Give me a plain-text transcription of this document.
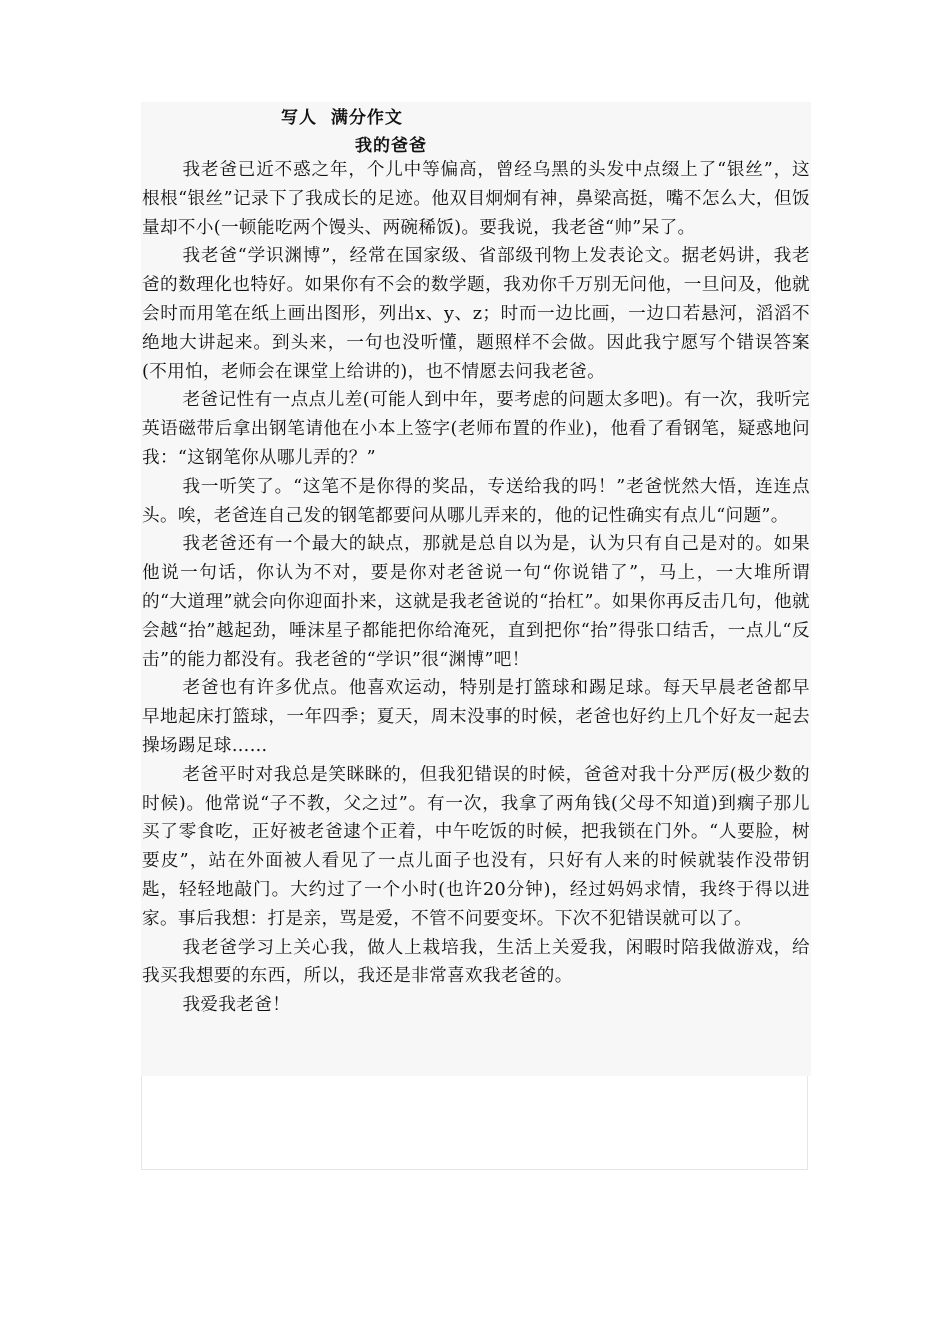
写人  满分作文
我的爸爸

我老爸已近不惑之年，个儿中等偏高，曾经乌黑的头发中点缀上了“银丝”，这根根“银丝”记录下了我成长的足迹。他双目炯炯有神，鼻梁高挺，嘴不怎么大，但饭量却不小(一顿能吃两个馒头、两碗稀饭)。要我说，我老爸“帅”呆了。

我老爸“学识渊博”，经常在国家级、省部级刊物上发表论文。据老妈讲，我老爸的数理化也特好。如果你有不会的数学题，我劝你千万别无问他，一旦问及，他就会时而用笔在纸上画出图形，列出x、y、z；时而一边比画，一边口若悬河，滔滔不绝地大讲起来。到头来，一句也没听懂，题照样不会做。因此我宁愿写个错误答案(不用怕，老师会在课堂上给讲的)，也不情愿去问我老爸。

老爸记性有一点点儿差(可能人到中年，要考虑的问题太多吧)。有一次，我听完英语磁带后拿出钢笔请他在小本上签字(老师布置的作业)，他看了看钢笔，疑惑地问我：“这钢笔你从哪儿弄的？”

我一听笑了。“这笔不是你得的奖品，专送给我的吗！”老爸恍然大悟，连连点头。唉，老爸连自己发的钢笔都要问从哪儿弄来的，他的记性确实有点儿“问题”。

我老爸还有一个最大的缺点，那就是总自以为是，认为只有自己是对的。如果他说一句话，你认为不对，要是你对老爸说一句“你说错了”，马上，一大堆所谓的“大道理”就会向你迎面扑来，这就是我老爸说的“抬杠”。如果你再反击几句，他就会越“抬”越起劲，唾沫星子都能把你给淹死，直到把你“抬”得张口结舌，一点儿“反击”的能力都没有。我老爸的“学识”很“渊博”吧！

老爸也有许多优点。他喜欢运动，特别是打篮球和踢足球。每天早晨老爸都早早地起床打篮球，一年四季；夏天，周末没事的时候，老爸也好约上几个好友一起去操场踢足球……

老爸平时对我总是笑眯眯的，但我犯错误的时候，爸爸对我十分严厉(极少数的时候)。他常说“子不教，父之过”。有一次，我拿了两角钱(父母不知道)到瘸子那儿买了零食吃，正好被老爸逮个正着，中午吃饭的时候，把我锁在门外。“人要脸，树要皮”，站在外面被人看见了一点儿面子也没有，只好有人来的时候就装作没带钥匙，轻轻地敲门。大约过了一个小时(也许20分钟)，经过妈妈求情，我终于得以进家。事后我想：打是亲，骂是爱，不管不问要变坏。下次不犯错误就可以了。

我老爸学习上关心我，做人上栽培我，生活上关爱我，闲暇时陪我做游戏，给我买我想要的东西，所以，我还是非常喜欢我老爸的。

我爱我老爸！
